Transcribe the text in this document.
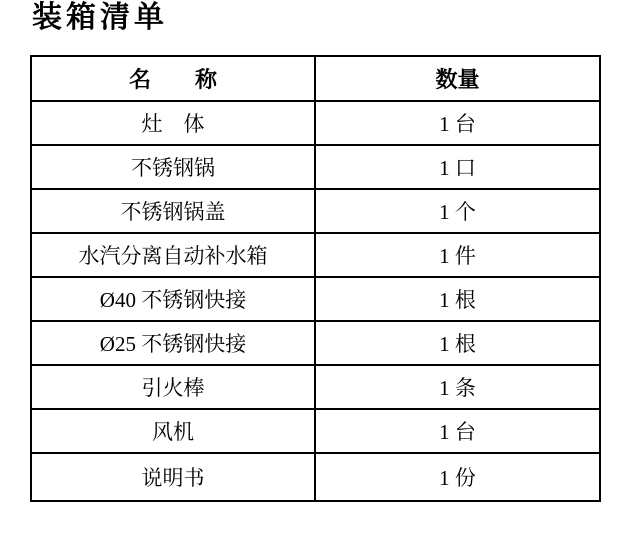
装箱清单
名　　称	数量
灶　体	1 台
不锈钢锅	1 口
不锈钢锅盖	1 个
水汽分离自动补水箱	1 件
Ø40 不锈钢快接	1 根
Ø25 不锈钢快接	1 根
引火棒	1 条
风机	1 台
说明书	1 份
